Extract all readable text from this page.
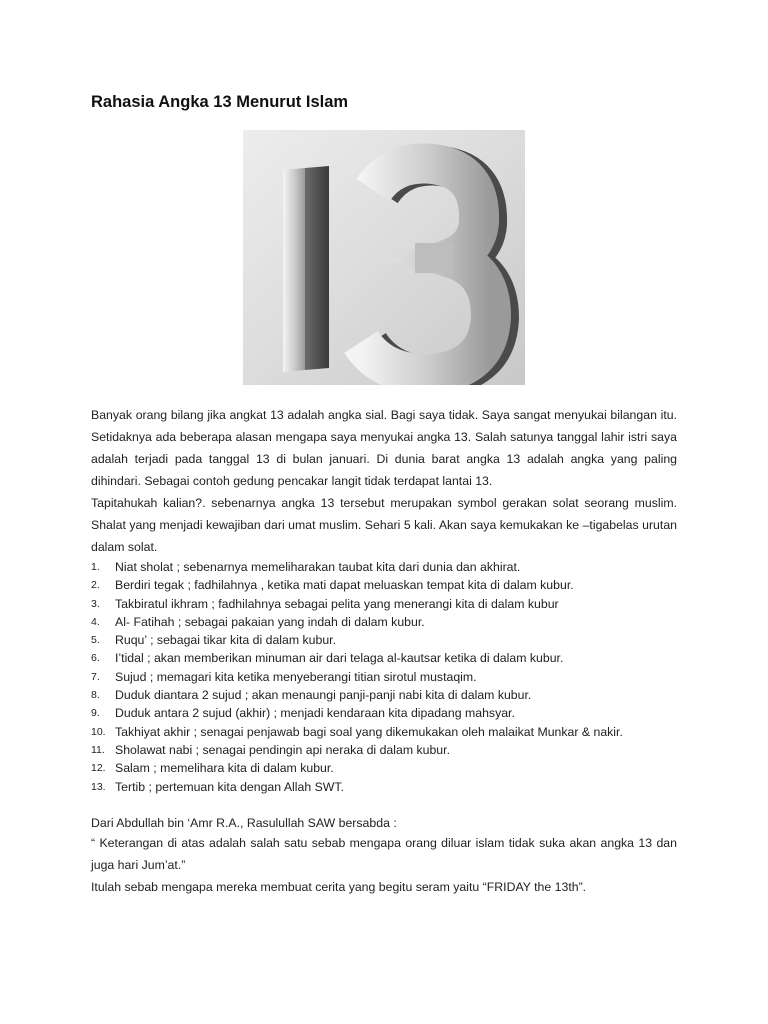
Rahasia Angka 13 Menurut Islam

Banyak orang bilang jika angkat 13 adalah angka sial. Bagi saya tidak. Saya sangat menyukai bilangan itu. Setidaknya ada beberapa alasan mengapa saya menyukai angka 13. Salah satunya tanggal lahir istri saya adalah terjadi pada tanggal 13 di bulan januari. Di dunia barat angka 13 adalah angka yang paling dihindari. Sebagai contoh gedung pencakar langit tidak terdapat lantai 13.

Tapitahukah kalian?. sebenarnya angka 13 tersebut merupakan symbol gerakan solat seorang muslim. Shalat yang menjadi kewajiban dari umat muslim. Sehari 5 kali. Akan saya kemukakan ke –tigabelas urutan dalam solat.

1.	Niat sholat ; sebenarnya memeliharakan taubat kita dari dunia dan akhirat.
2.	Berdiri tegak ; fadhilahnya , ketika mati dapat meluaskan tempat kita di dalam kubur.
3.	Takbiratul ikhram ; fadhilahnya sebagai pelita yang menerangi kita di dalam kubur
4.	Al- Fatihah ; sebagai pakaian yang indah di dalam kubur.
5.	Ruqu’ ; sebagai tikar kita di dalam kubur.
6.	I’tidal ; akan memberikan minuman air dari telaga al-kautsar ketika di dalam kubur.
7.	Sujud ; memagari kita ketika menyeberangi titian sirotul mustaqim.
8.	Duduk diantara 2 sujud ; akan menaungi panji-panji nabi kita di dalam kubur.
9.	Duduk antara 2 sujud (akhir) ; menjadi kendaraan kita dipadang mahsyar.
10. Takhiyat akhir ; senagai penjawab bagi soal yang dikemukakan oleh malaikat Munkar & nakir.
11. Sholawat nabi ; senagai pendingin api neraka di dalam kubur.
12. Salam ; memelihara kita di dalam kubur.
13. Tertib ; pertemuan kita dengan Allah SWT.

Dari Abdullah bin ‘Amr R.A., Rasulullah SAW bersabda :

“ Keterangan di atas adalah salah satu sebab mengapa orang diluar islam tidak suka akan angka 13 dan juga hari Jum’at.”

Itulah sebab mengapa mereka membuat cerita yang begitu seram yaitu “FRIDAY the 13th”.
